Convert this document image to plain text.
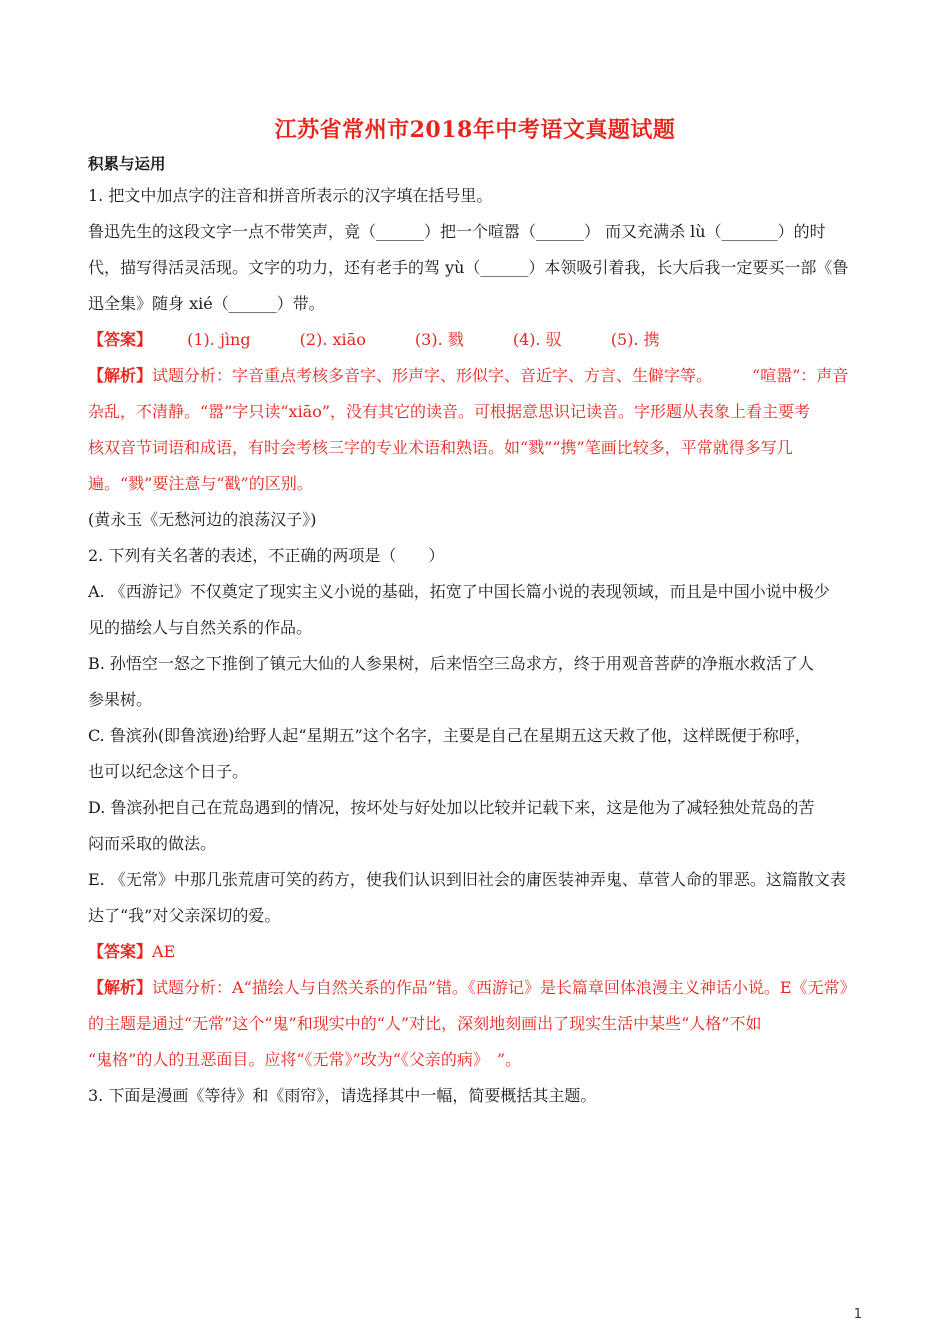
江苏省常州市2018年中考语文真题试题

积累与运用

1. 把文中加点字的注音和拼音所表示的汉字填在括号里。

鲁迅先生的这段文字一点不带笑声，竟（______）把一个喧嚣（______） 而又充满杀 lù（_______）的时

代，描写得活灵活现。文字的功力，还有老手的驾 yù（______）本领吸引着我，长大后我一定要买一部《鲁

迅全集》随身 xié（______）带。

【答案】 (1). jìng	(2). xiāo	(3). 戮	(4). 驭	(5). 携

【解析】试题分析：字音重点考核多音字、形声字、形似字、音近字、方言、生僻字等。　　　“喧嚣”：声音

杂乱，不清静。“嚣”字只读“xiāo”，没有其它的读音。可根据意思识记读音。字形题从表象上看主要考

核双音节词语和成语，有时会考核三字的专业术语和熟语。如“戮”“携”笔画比较多，平常就得多写几

遍。“戮”要注意与“戳”的区别。

(黄永玉《无愁河边的浪荡汉子》)

2. 下列有关名著的表述，不正确的两项是（　　）

A. 《西游记》不仅奠定了现实主义小说的基础，拓宽了中国长篇小说的表现领域，而且是中国小说中极少

见的描绘人与自然关系的作品。

B. 孙悟空一怒之下推倒了镇元大仙的人参果树，后来悟空三岛求方，终于用观音菩萨的净瓶水救活了人

参果树。

C. 鲁滨孙(即鲁滨逊)给野人起“星期五”这个名字，主要是自己在星期五这天救了他，这样既便于称呼，

也可以纪念这个日子。

D. 鲁滨孙把自己在荒岛遇到的情况，按坏处与好处加以比较并记载下来，这是他为了减轻独处荒岛的苦

闷而采取的做法。

E. 《无常》中那几张荒唐可笑的药方，使我们认识到旧社会的庸医装神弄鬼、草菅人命的罪恶。这篇散文表

达了“我”对父亲深切的爱。

【答案】AE

【解析】试题分析：A“描绘人与自然关系的作品”错。《西游记》是长篇章回体浪漫主义神话小说。E《无常》

的主题是通过“无常”这个“鬼”和现实中的“人”对比，深刻地刻画出了现实生活中某些“人格”不如

“鬼格”的人的丑恶面目。应将“《无常》”改为“《父亲的病》　”。

3. 下面是漫画《等待》和《雨帘》，请选择其中一幅，简要概括其主题。

1
